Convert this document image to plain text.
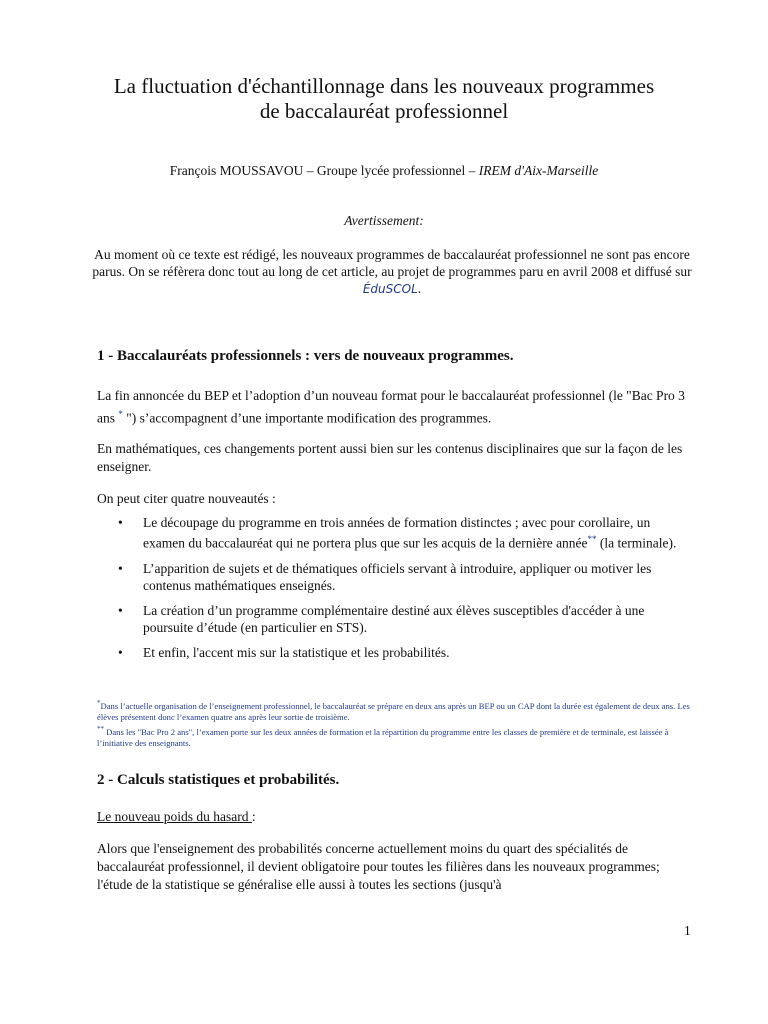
La fluctuation d'échantillonnage dans les nouveaux programmes
de baccalauréat professionnel
François MOUSSAVOU – Groupe lycée professionnel – IREM d'Aix-Marseille
Avertissement:
Au moment où ce texte est rédigé, les nouveaux programmes de baccalauréat professionnel ne sont pas encore parus. On se réfèrera donc tout au long de cet article, au projet de programmes paru en avril 2008 et diffusé sur ÉduSCOL.
1 - Baccalauréats professionnels : vers de nouveaux programmes.
La fin annoncée du BEP et l’adoption d’un nouveau format pour le baccalauréat professionnel (le "Bac Pro 3 ans * ") s’accompagnent d’une importante modification des programmes.
En mathématiques, ces changements portent aussi bien sur les contenus disciplinaires que sur la façon de les enseigner.
On peut citer quatre nouveautés :
• Le découpage du programme en trois années de formation distinctes ; avec pour corollaire, un examen du baccalauréat qui ne portera plus que sur les acquis de la dernière année** (la terminale).
• L’apparition de sujets et de thématiques officiels servant à introduire, appliquer ou motiver les contenus mathématiques enseignés.
• La création d’un programme complémentaire destiné aux élèves susceptibles d'accéder à une poursuite d’étude (en particulier en STS).
• Et enfin, l'accent mis sur la statistique et les probabilités.
*Dans l’actuelle organisation de l’enseignement professionnel, le baccalauréat se prépare en deux ans après un BEP ou un CAP dont la durée est également de deux ans. Les élèves présentent donc l’examen quatre ans après leur sortie de troisième.
** Dans les "Bac Pro 2 ans", l’examen porte sur les deux années de formation et la répartition du programme entre les classes de première et de terminale, est laissée à l’initiative des enseignants.
2 - Calculs statistiques et probabilités.
Le nouveau poids du hasard :
Alors que l'enseignement des probabilités concerne actuellement moins du quart des spécialités de baccalauréat professionnel, il devient obligatoire pour toutes les filières dans les nouveaux programmes; l'étude de la statistique se généralise elle aussi à toutes les sections (jusqu'à
1
